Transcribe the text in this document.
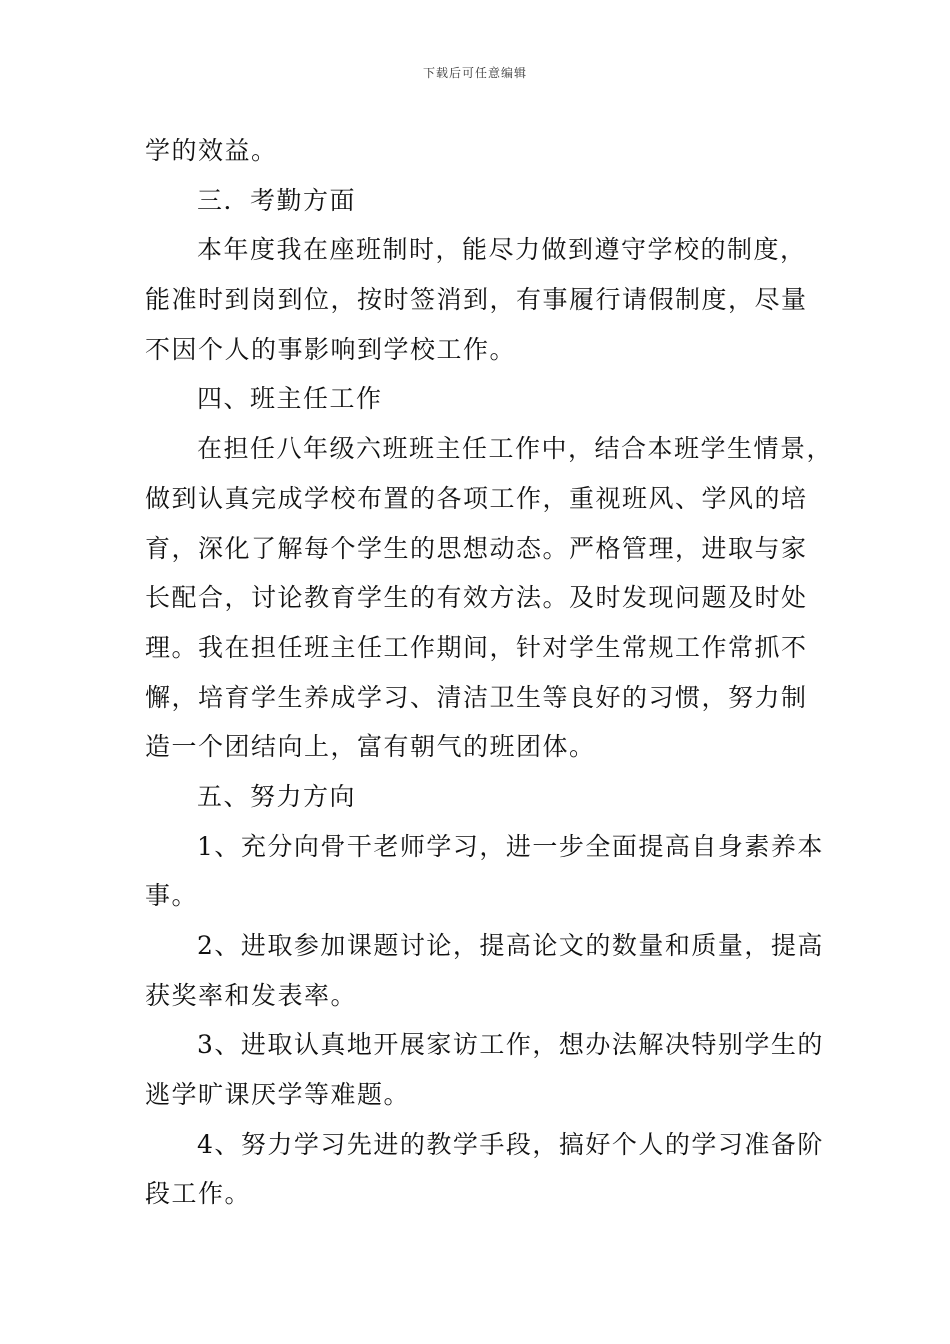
下载后可任意编辑
学的效益。
三．考勤方面
本年度我在座班制时，能尽力做到遵守学校的制度，
能准时到岗到位，按时签消到，有事履行请假制度，尽量
不因个人的事影响到学校工作。
四、班主任工作
在担任八年级六班班主任工作中，结合本班学生情景，
做到认真完成学校布置的各项工作，重视班风、学风的培
育，深化了解每个学生的思想动态。严格管理，进取与家
长配合，讨论教育学生的有效方法。及时发现问题及时处
理。我在担任班主任工作期间，针对学生常规工作常抓不
懈，培育学生养成学习、清洁卫生等良好的习惯，努力制
造一个团结向上，富有朝气的班团体。
五、努力方向
1、充分向骨干老师学习，进一步全面提高自身素养本
事。
2、进取参加课题讨论，提高论文的数量和质量，提高
获奖率和发表率。
3、进取认真地开展家访工作，想办法解决特别学生的
逃学旷课厌学等难题。
4、努力学习先进的教学手段，搞好个人的学习准备阶
段工作。
